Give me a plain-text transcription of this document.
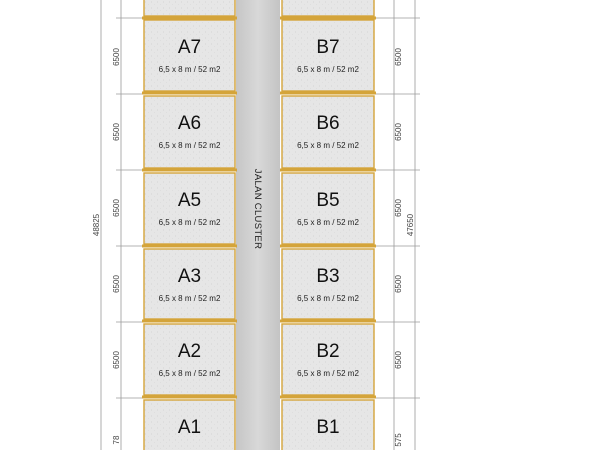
JALAN CLUSTER
A7
6,5 x 8 m / 52 m2
A6
6,5 x 8 m / 52 m2
A5
6,5 x 8 m / 52 m2
A3
6,5 x 8 m / 52 m2
A2
6,5 x 8 m / 52 m2
A1
B7
6,5 x 8 m / 52 m2
B6
6,5 x 8 m / 52 m2
B5
6,5 x 8 m / 52 m2
B3
6,5 x 8 m / 52 m2
B2
6,5 x 8 m / 52 m2
B1
6500
6500
6500
6500
6500
78
48825
6500
6500
6500
6500
6500
575
47650
